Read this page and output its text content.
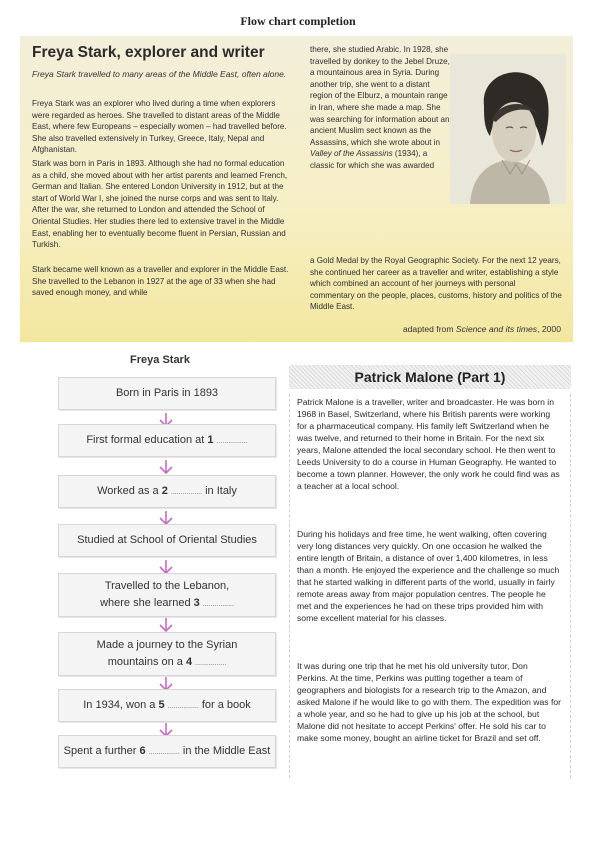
Flow chart completion
Freya Stark, explorer and writer
Freya Stark travelled to many areas of the Middle East, often alone.

Freya Stark was an explorer who lived during a time when explorers were regarded as heroes. She travelled to distant areas of the Middle East, where few Europeans – especially women – had travelled before. She also travelled extensively in Turkey, Greece, Italy, Nepal and Afghanistan.

Stark was born in Paris in 1893. Although she had no formal education as a child, she moved about with her artist parents and learned French, German and Italian. She entered London University in 1912, but at the start of World War I, she joined the nurse corps and was sent to Italy. After the war, she returned to London and attended the School of Oriental Studies. Her studies there led to extensive travel in the Middle East, enabling her to eventually become fluent in Persian, Russian and Turkish.

Stark became well known as a traveller and explorer in the Middle East. She travelled to the Lebanon in 1927 at the age of 33 when she had saved enough money, and while

there, she studied Arabic. In 1928, she travelled by donkey to the Jebel Druze, a mountainous area in Syria. During another trip, she went to a distant region of the Elburz, a mountain range in Iran, where she made a map. She was searching for information about an ancient Muslim sect known as the Assassins, which she wrote about in Valley of the Assassins (1934), a classic for which she was awarded
a Gold Medal by the Royal Geographic Society. For the next 12 years, she continued her career as a traveller and writer, establishing a style which combined an account of her journeys with personal commentary on the people, places, customs, history and politics of the Middle East.
adapted from Science and its times, 2000
Freya Stark
Born in Paris in 1893
First formal education at 1 ................
Worked as a 2 ................ in Italy
Studied at School of Oriental Studies
Travelled to the Lebanon,
where she learned 3 ................
Made a journey to the Syrian
mountains on a 4 ................
In 1934, won a 5 ................ for a book
Spent a further 6 ................ in the Middle East
Patrick Malone (Part 1)

Patrick Malone is a traveller, writer and broadcaster. He was born in 1968 in Basel, Switzerland, where his British parents were working for a pharmaceutical company. His family left Switzerland when he was twelve, and returned to their home in Britain. For the next six years, Malone attended the local secondary school. He then went to Leeds University to do a course in Human Geography. He wanted to become a town planner. However, the only work he could find was as a teacher at a local school.

During his holidays and free time, he went walking, often covering very long distances very quickly. On one occasion he walked the entire length of Britain, a distance of over 1,400 kilometres, in less than a month. He enjoyed the experience and the challenge so much that he started walking in different parts of the world, usually in fairly remote areas away from major population centres. The people he met and the experiences he had on these trips provided him with some excellent material for his classes.

It was during one trip that he met his old university tutor, Don Perkins. At the time, Perkins was putting together a team of geographers and biologists for a research trip to the Amazon, and asked Malone if he would like to go with them. The expedition was for a whole year, and so he had to give up his job at the school, but Malone did not hesitate to accept Perkins' offer. He sold his car to make some money, bought an airline ticket for Brazil and set off.
